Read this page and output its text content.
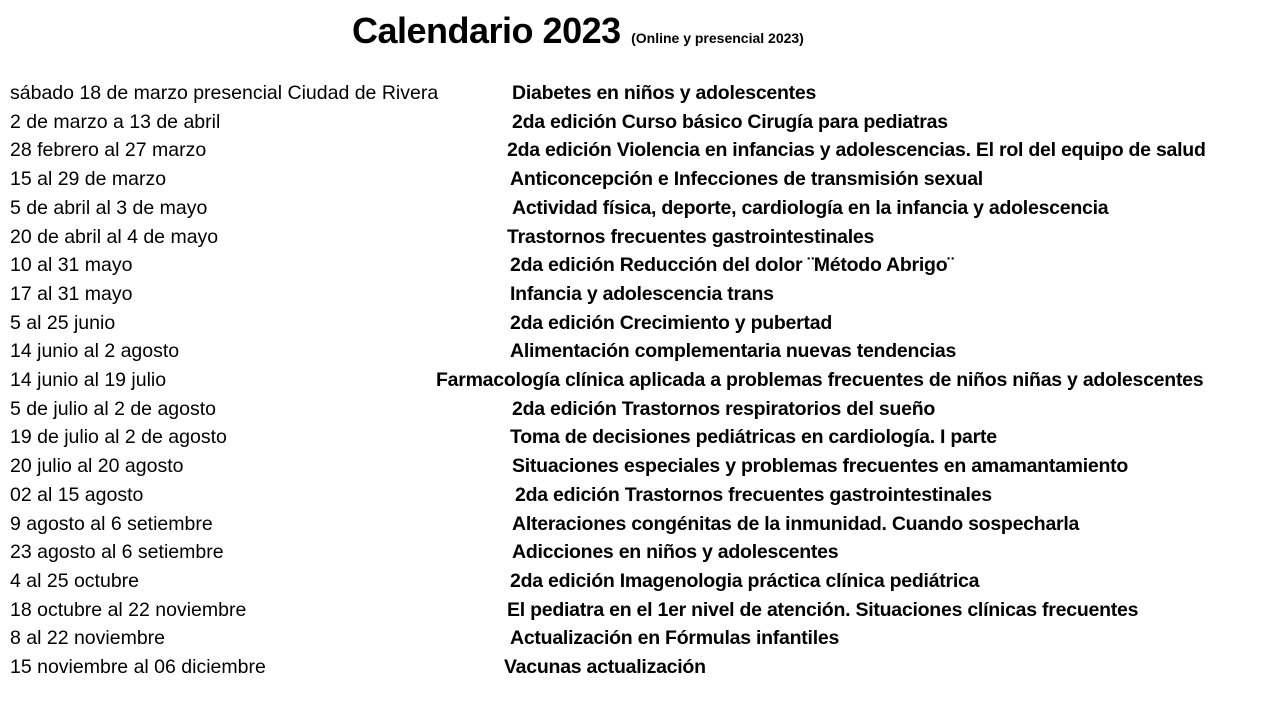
Calendario 2023 (Online y presencial 2023)
sábado 18 de marzo presencial Ciudad de Rivera	Diabetes en niños y adolescentes
2 de marzo a 13 de abril	2da edición Curso básico Cirugía para pediatras
28 febrero al 27 marzo	2da edición Violencia en infancias y adolescencias. El rol del equipo de salud
15 al 29 de marzo	Anticoncepción e Infecciones de transmisión sexual
5 de abril al 3 de mayo	Actividad física, deporte, cardiología en la infancia y adolescencia
20 de abril al 4 de mayo	Trastornos frecuentes gastrointestinales
10 al 31 mayo	2da edición Reducción del dolor ¨Método Abrigo¨
17 al 31 mayo	Infancia y adolescencia trans
5 al 25 junio	2da edición Crecimiento y pubertad
14 junio al 2 agosto	Alimentación complementaria nuevas tendencias
14 junio al 19 julio	Farmacología clínica aplicada a problemas frecuentes de niños niñas y adolescentes
5 de julio al 2 de agosto	2da edición Trastornos respiratorios del sueño
19 de julio al 2 de agosto	Toma de decisiones pediátricas en cardiología. I parte
20 julio al 20 agosto	Situaciones especiales y problemas frecuentes en amamantamiento
02 al 15 agosto	2da edición Trastornos frecuentes gastrointestinales
9 agosto al 6 setiembre	Alteraciones congénitas de la inmunidad. Cuando sospecharla
23 agosto al 6 setiembre	Adicciones en niños y adolescentes
4 al 25 octubre	2da edición Imagenologia práctica clínica pediátrica
18 octubre al 22 noviembre	El pediatra en el 1er nivel de atención. Situaciones clínicas frecuentes
8 al 22 noviembre	Actualización en Fórmulas infantiles
15 noviembre al 06 diciembre	Vacunas actualización
